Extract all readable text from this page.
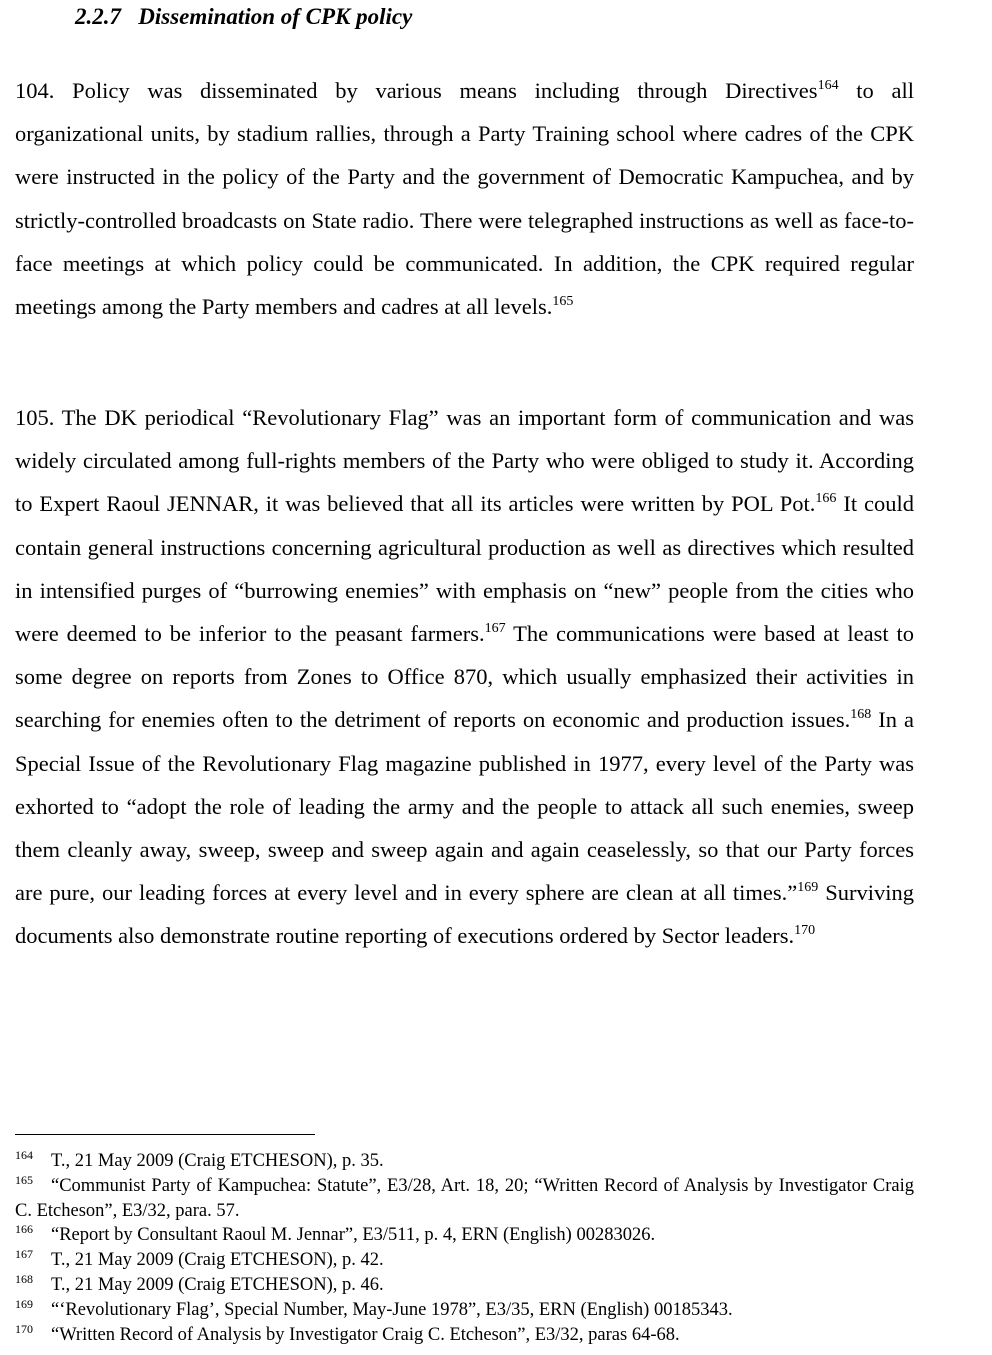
2.2.7 Dissemination of CPK policy

104. Policy was disseminated by various means including through Directives$^{164}$ to all organizational units, by stadium rallies, through a Party Training school where cadres of the CPK were instructed in the policy of the Party and the government of Democratic Kampuchea, and by strictly-controlled broadcasts on State radio. There were telegraphed instructions as well as face-to-face meetings at which policy could be communicated. In addition, the CPK required regular meetings among the Party members and cadres at all levels.$^{165}$

105. The DK periodical “Revolutionary Flag” was an important form of communication and was widely circulated among full-rights members of the Party who were obliged to study it. According to Expert Raoul JENNAR, it was believed that all its articles were written by POL Pot.$^{166}$ It could contain general instructions concerning agricultural production as well as directives which resulted in intensified purges of “burrowing enemies” with emphasis on “new” people from the cities who were deemed to be inferior to the peasant farmers.$^{167}$ The communications were based at least to some degree on reports from Zones to Office 870, which usually emphasized their activities in searching for enemies often to the detriment of reports on economic and production issues.$^{168}$ In a Special Issue of the Revolutionary Flag magazine published in 1977, every level of the Party was exhorted to “adopt the role of leading the army and the people to attack all such enemies, sweep them cleanly away, sweep, sweep and sweep again and again ceaselessly, so that our Party forces are pure, our leading forces at every level and in every sphere are clean at all times.”$^{169}$ Surviving documents also demonstrate routine reporting of executions ordered by Sector leaders.$^{170}$

164 T., 21 May 2009 (Craig ETCHESON), p. 35.

165 “Communist Party of Kampuchea: Statute”, E3/28, Art. 18, 20; “Written Record of Analysis by Investigator Craig C. Etcheson”, E3/32, para. 57.

166 “Report by Consultant Raoul M. Jennar”, E3/511, p. 4, ERN (English) 00283026.

167 T., 21 May 2009 (Craig ETCHESON), p. 42.

168 T., 21 May 2009 (Craig ETCHESON), p. 46.

169 “‘Revolutionary Flag’, Special Number, May-June 1978”, E3/35, ERN (English) 00185343.

170 “Written Record of Analysis by Investigator Craig C. Etcheson”, E3/32, paras 64-68.
